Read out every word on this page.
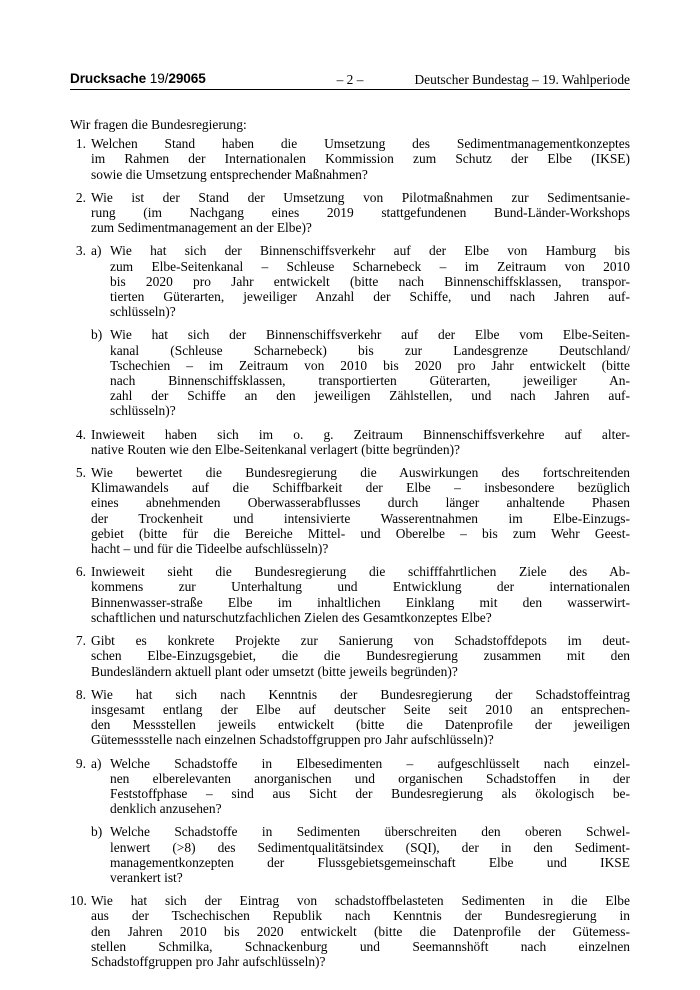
Drucksache 19/29065	– 2 –	Deutscher Bundestag – 19. Wahlperiode

Wir fragen die Bundesregierung:

1. Welchen Stand haben die Umsetzung des Sedimentmanagementkonzeptes
im Rahmen der Internationalen Kommission zum Schutz der Elbe (IKSE)
sowie die Umsetzung entsprechender Maßnahmen?
2. Wie ist der Stand der Umsetzung von Pilotmaßnahmen zur Sedimentsanie-
rung (im Nachgang eines 2019 stattgefundenen Bund-Länder-Workshops
zum Sedimentmanagement an der Elbe)?
3. a) Wie hat sich der Binnenschiffsverkehr auf der Elbe von Hamburg bis
zum Elbe-Seitenkanal – Schleuse Scharnebeck – im Zeitraum von 2010
bis 2020 pro Jahr entwickelt (bitte nach Binnenschiffsklassen, transpor-
tierten Güterarten, jeweiliger Anzahl der Schiffe, und nach Jahren auf-
schlüsseln)?
b) Wie hat sich der Binnenschiffsverkehr auf der Elbe vom Elbe-Seiten-
kanal (Schleuse Scharnebeck) bis zur Landesgrenze Deutschland/
Tschechien – im Zeitraum von 2010 bis 2020 pro Jahr entwickelt (bitte
nach Binnenschiffsklassen, transportierten Güterarten, jeweiliger An-
zahl der Schiffe an den jeweiligen Zählstellen, und nach Jahren auf-
schlüsseln)?
4. Inwieweit haben sich im o. g. Zeitraum Binnenschiffsverkehre auf alter-
native Routen wie den Elbe-Seitenkanal verlagert (bitte begründen)?
5. Wie bewertet die Bundesregierung die Auswirkungen des fortschreitenden
Klimawandels auf die Schiffbarkeit der Elbe – insbesondere bezüglich
eines abnehmenden Oberwasserabflusses durch länger anhaltende Phasen
der Trockenheit und intensivierte Wasserentnahmen im Elbe-Einzugs-
gebiet (bitte für die Bereiche Mittel- und Oberelbe – bis zum Wehr Geest-
hacht – und für die Tideelbe aufschlüsseln)?
6. Inwieweit sieht die Bundesregierung die schifffahrtlichen Ziele des Ab-
kommens zur Unterhaltung und Entwicklung der internationalen
Binnenwasser-straße Elbe im inhaltlichen Einklang mit den wasserwirt-
schaftlichen und naturschutzfachlichen Zielen des Gesamtkonzeptes Elbe?
7. Gibt es konkrete Projekte zur Sanierung von Schadstoffdepots im deut-
schen Elbe-Einzugsgebiet, die die Bundesregierung zusammen mit den
Bundesländern aktuell plant oder umsetzt (bitte jeweils begründen)?
8. Wie hat sich nach Kenntnis der Bundesregierung der Schadstoffeintrag
insgesamt entlang der Elbe auf deutscher Seite seit 2010 an entsprechen-
den Messstellen jeweils entwickelt (bitte die Datenprofile der jeweiligen
Gütemessstelle nach einzelnen Schadstoffgruppen pro Jahr aufschlüsseln)?
9. a) Welche Schadstoffe in Elbesedimenten – aufgeschlüsselt nach einzel-
nen elberelevanten anorganischen und organischen Schadstoffen in der
Feststoffphase – sind aus Sicht der Bundesregierung als ökologisch be-
denklich anzusehen?
b) Welche Schadstoffe in Sedimenten überschreiten den oberen Schwel-
lenwert (>8) des Sedimentqualitätsindex (SQI), der in den Sediment-
managementkonzepten der Flussgebietsgemeinschaft Elbe und IKSE
verankert ist?
10. Wie hat sich der Eintrag von schadstoffbelasteten Sedimenten in die Elbe
aus der Tschechischen Republik nach Kenntnis der Bundesregierung in
den Jahren 2010 bis 2020 entwickelt (bitte die Datenprofile der Gütemess-
stellen Schmilka, Schnackenburg und Seemannshöft nach einzelnen
Schadstoffgruppen pro Jahr aufschlüsseln)?
